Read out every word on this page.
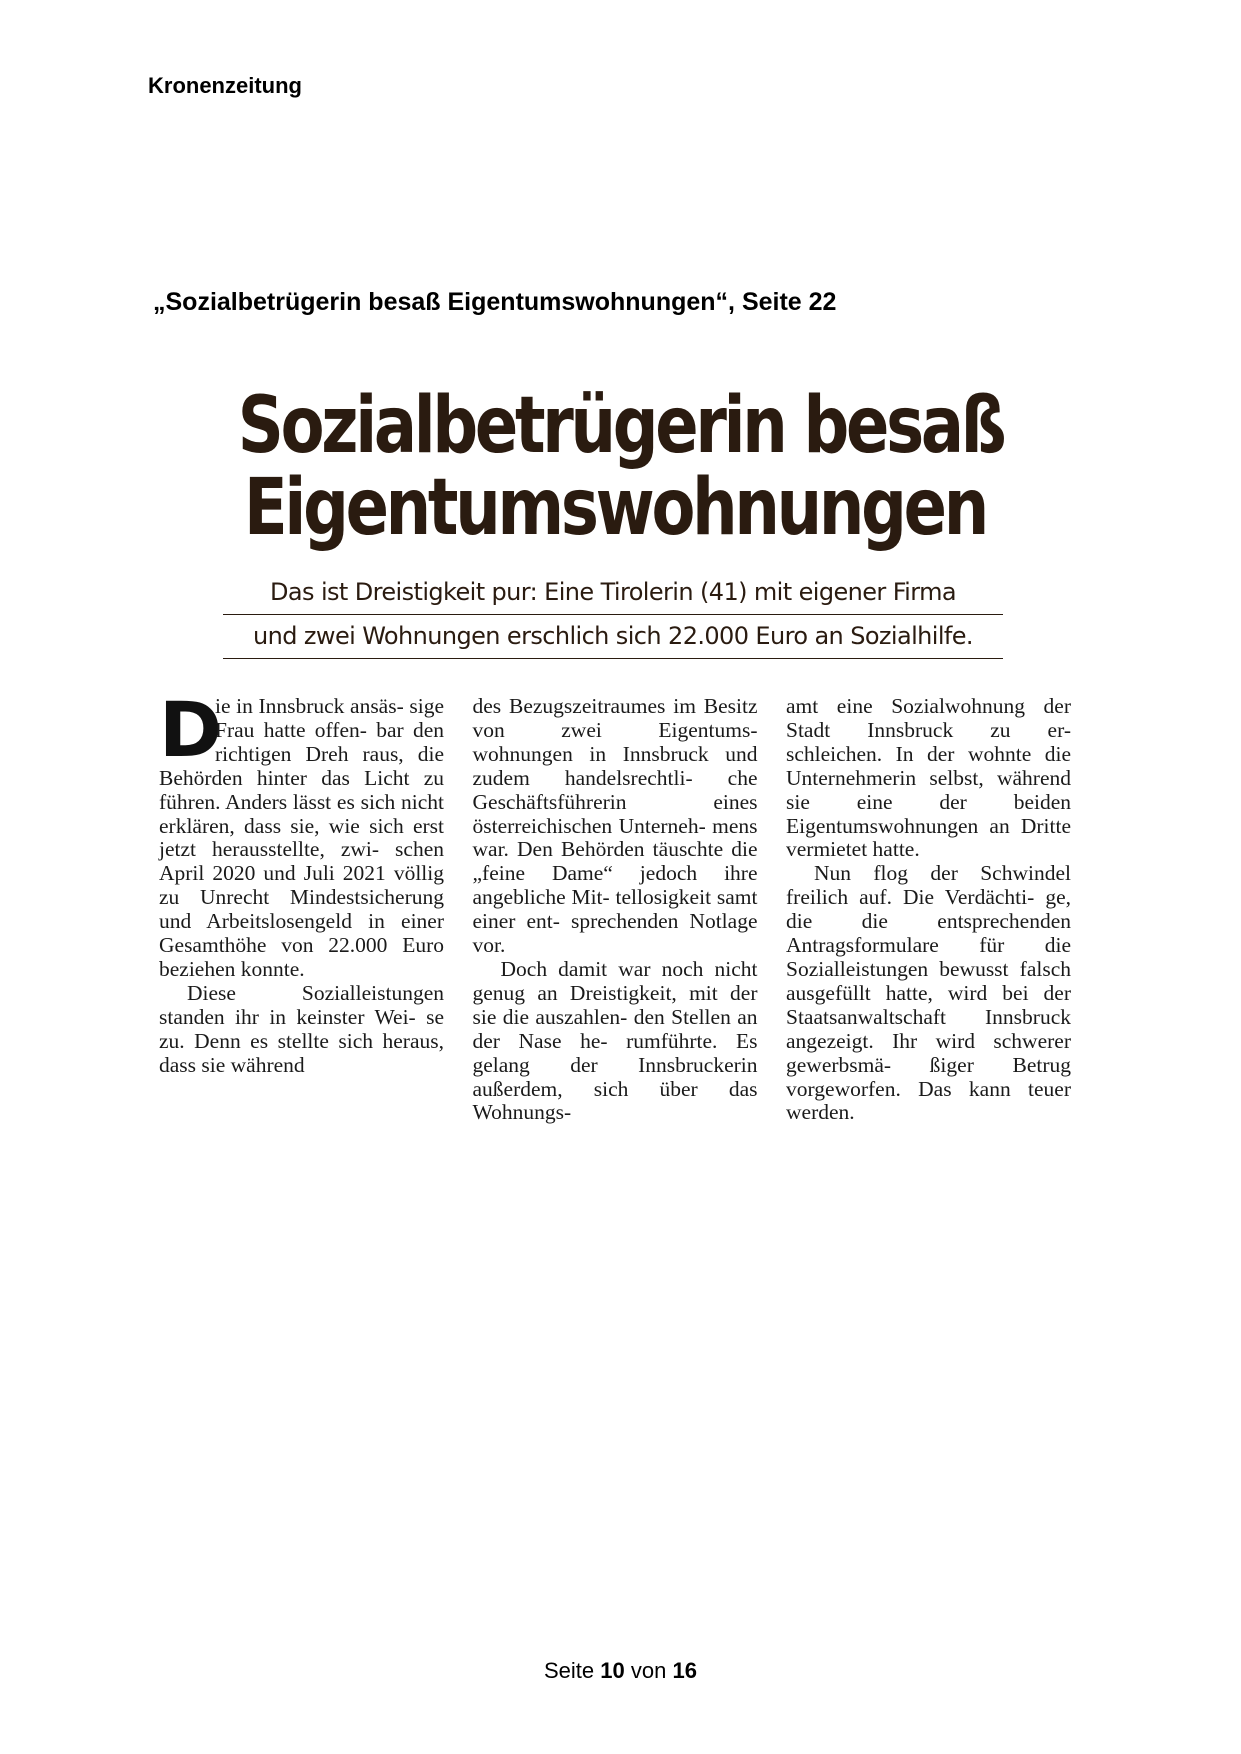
Kronenzeitung
„Sozialbetrügerin besaß Eigentumswohnungen“, Seite 22
Sozialbetrügerin besaß
Eigentumswohnungen
Das ist Dreistigkeit pur: Eine Tirolerin (41) mit eigener Firma
und zwei Wohnungen erschlich sich 22.000 Euro an Sozialhilfe.

D
ie in Innsbruck ansäs- sige Frau hatte offen- bar den richtigen Dreh raus, die Behörden hinter das Licht zu führen. Anders lässt es sich nicht erklären, dass sie, wie sich erst jetzt herausstellte, zwi- schen April 2020 und Juli 2021 völlig zu Unrecht Mindestsicherung und Arbeitslosengeld in einer Gesamthöhe von 22.000 Euro beziehen konnte.

Diese Sozialleistungen standen ihr in keinster Wei- se zu. Denn es stellte sich heraus, dass sie während

des Bezugszeitraumes im Besitz von zwei Eigentums- wohnungen in Innsbruck und zudem handelsrechtli- che Geschäftsführerin eines österreichischen Unterneh- mens war. Den Behörden täuschte die „feine Dame“ jedoch ihre angebliche Mit- tellosigkeit samt einer ent- sprechenden Notlage vor.

Doch damit war noch nicht genug an Dreistigkeit, mit der sie die auszahlen- den Stellen an der Nase he- rumführte. Es gelang der Innsbruckerin außerdem, sich über das Wohnungs-

amt eine Sozialwohnung der Stadt Innsbruck zu er- schleichen. In der wohnte die Unternehmerin selbst, während sie eine der beiden Eigentumswohnungen an Dritte vermietet hatte.

Nun flog der Schwindel freilich auf. Die Verdächti- ge, die die entsprechenden Antragsformulare für die Sozialleistungen bewusst falsch ausgefüllt hatte, wird bei der Staatsanwaltschaft Innsbruck angezeigt. Ihr wird schwerer gewerbsmä- ßiger Betrug vorgeworfen. Das kann teuer werden.

Seite 10 von 16
